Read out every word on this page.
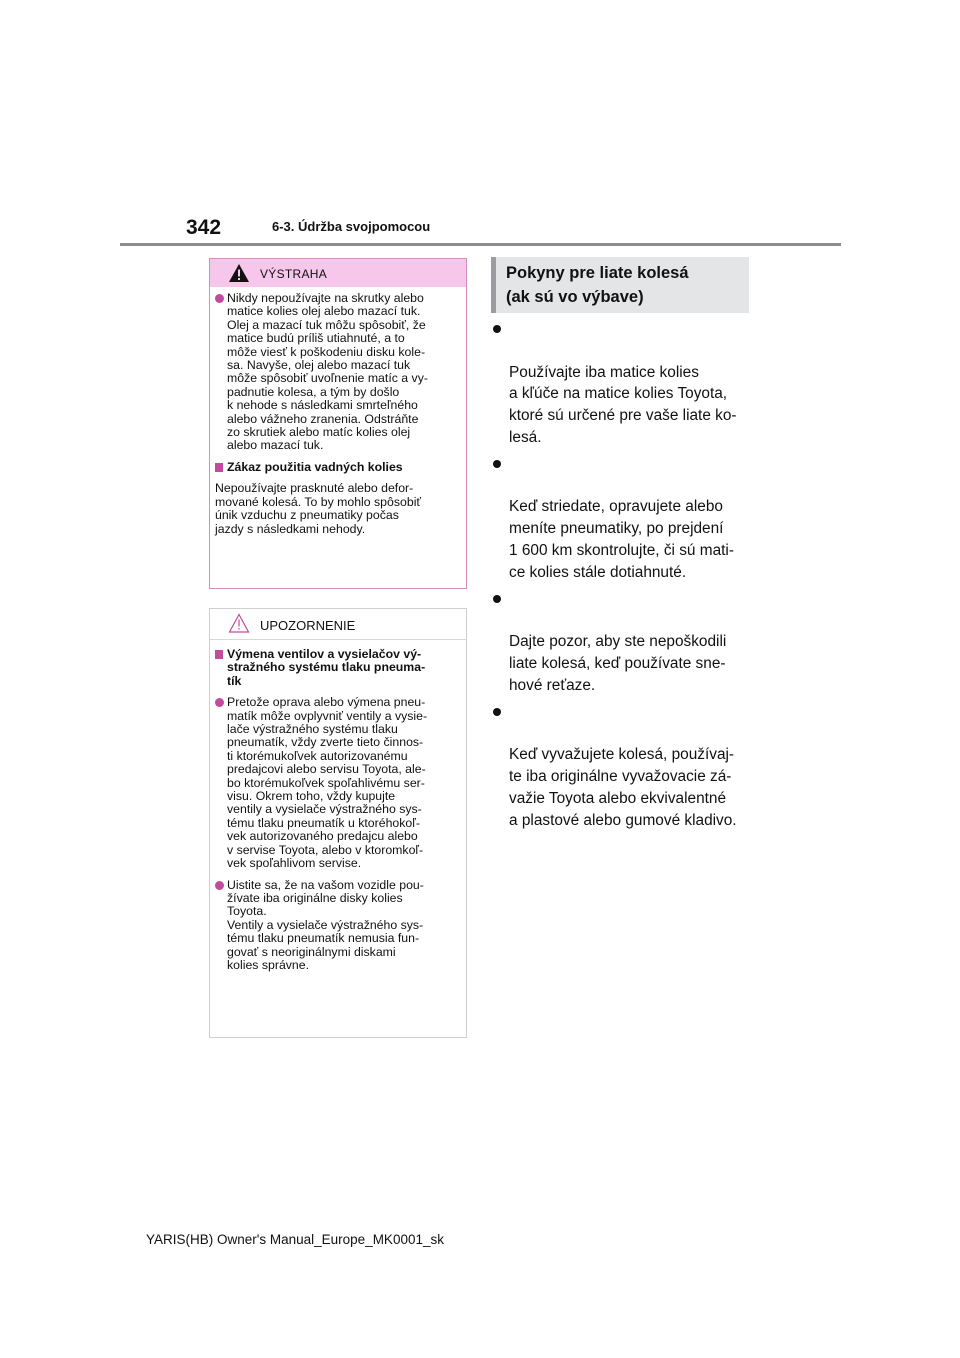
342	6-3. Údržba svojpomocou
VÝSTRAHA
Nikdy nepoužívajte na skrutky alebo
matice kolies olej alebo mazací tuk.
Olej a mazací tuk môžu spôsobiť, že
matice budú príliš utiahnuté, a to
môže viesť k poškodeniu disku kole-
sa. Navyše, olej alebo mazací tuk
môže spôsobiť uvoľnenie matíc a vy-
padnutie kolesa, a tým by došlo
k nehode s následkami smrteľného
alebo vážneho zranenia. Odstráňte
zo skrutiek alebo matíc kolies olej
alebo mazací tuk.
Zákaz použitia vadných kolies
Nepoužívajte prasknuté alebo defor-
mované kolesá. To by mohlo spôsobiť
únik vzduchu z pneumatiky počas
jazdy s následkami nehody.
UPOZORNENIE
Výmena ventilov a vysielačov vý-
stražného systému tlaku pneuma-
tík
Pretože oprava alebo výmena pneu-
matík môže ovplyvniť ventily a vysie-
lače výstražného systému tlaku
pneumatík, vždy zverte tieto činnos-
ti ktorémukoľvek autorizovanému
predajcovi alebo servisu Toyota, ale-
bo ktorémukoľvek spoľahlivému ser-
visu. Okrem toho, vždy kupujte
ventily a vysielače výstražného sys-
tému tlaku pneumatík u ktoréhokoľ-
vek autorizovaného predajcu alebo
v servise Toyota, alebo v ktoromkoľ-
vek spoľahlivom servise.
Uistite sa, že na vašom vozidle pou-
žívate iba originálne disky kolies
Toyota.
Ventily a vysielače výstražného sys-
tému tlaku pneumatík nemusia fun-
govať s neoriginálnymi diskami
kolies správne.
Pokyny pre liate kolesá
(ak sú vo výbave)

Používajte iba matice kolies
a kľúče na matice kolies Toyota,
ktoré sú určené pre vaše liate ko-
lesá.

Keď striedate, opravujete alebo
meníte pneumatiky, po prejdení
1 600 km skontrolujte, či sú mati-
ce kolies stále dotiahnuté.

Dajte pozor, aby ste nepoškodili
liate kolesá, keď používate sne-
hové reťaze.

Keď vyvažujete kolesá, používaj-
te iba originálne vyvažovacie zá-
važie Toyota alebo ekvivalentné
a plastové alebo gumové kladivo.

YARIS(HB) Owner's Manual_Europe_MK0001_sk
